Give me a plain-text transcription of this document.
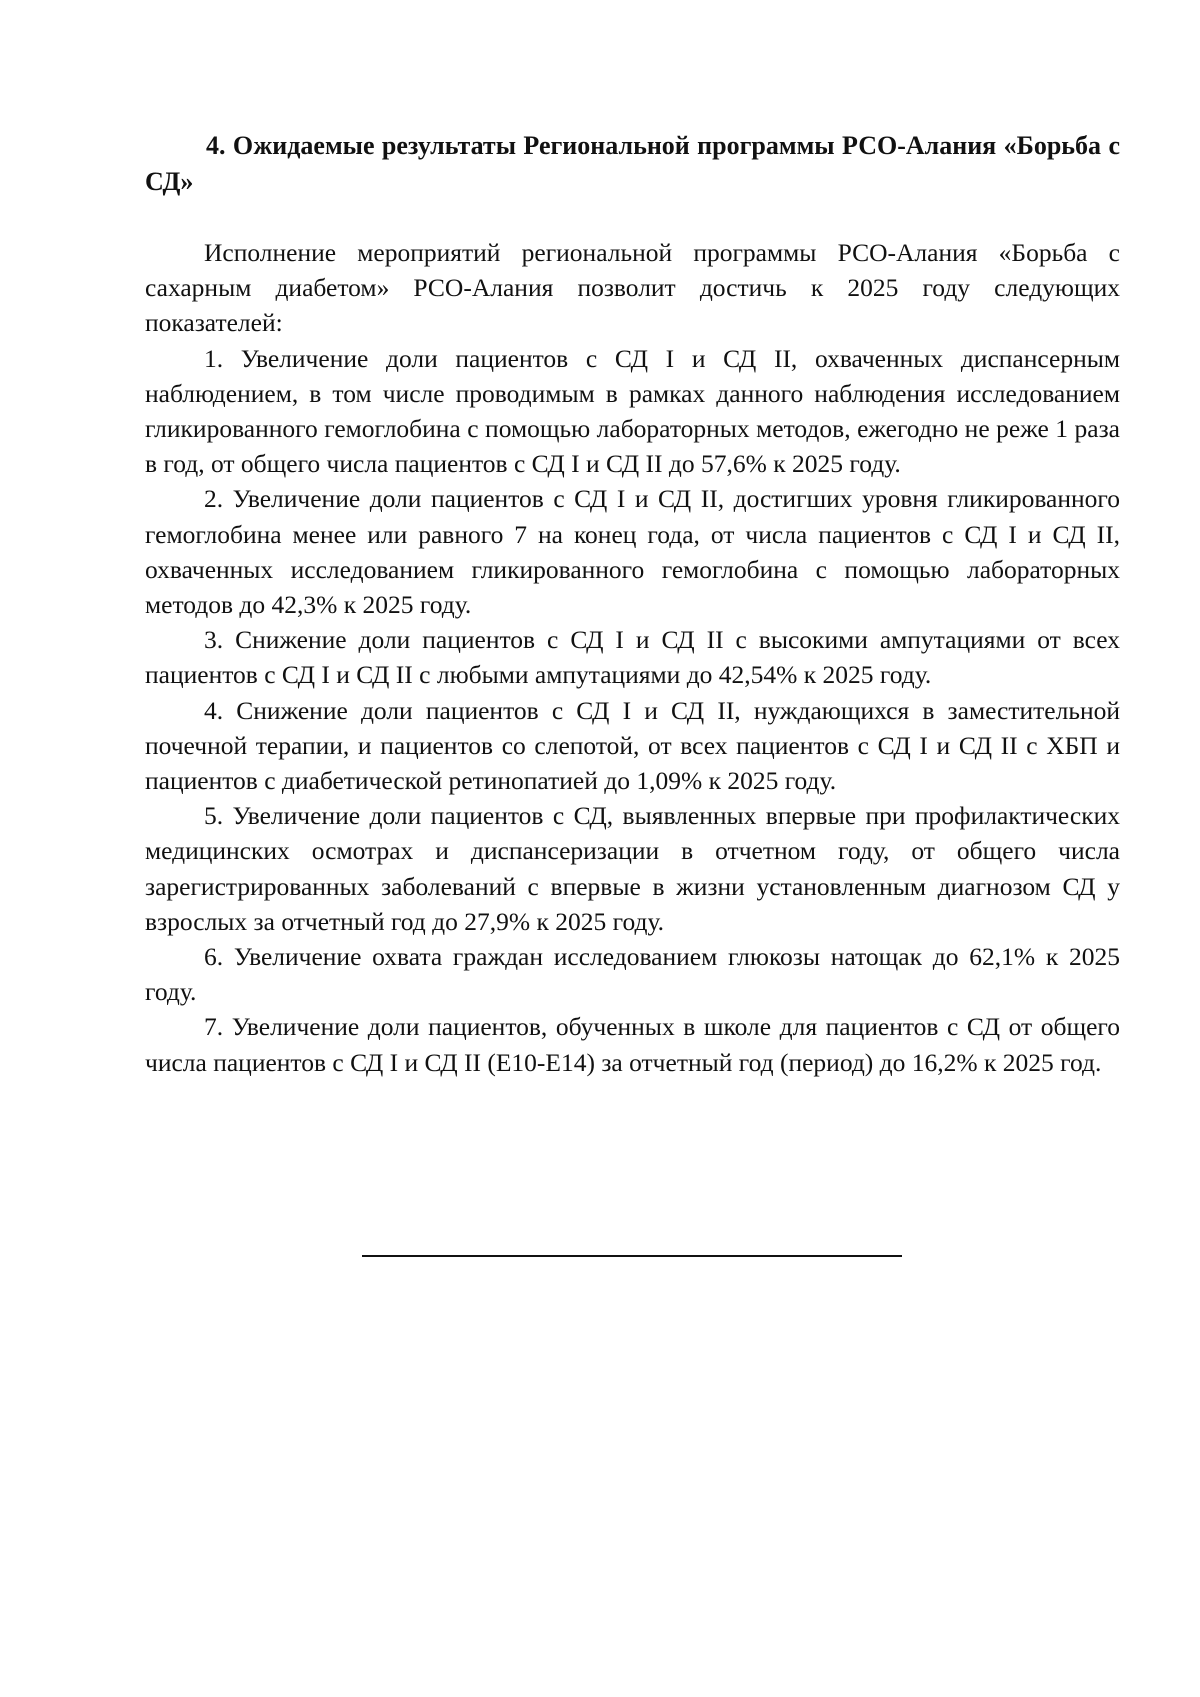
4. Ожидаемые результаты Региональной программы РСО-Алания «Борьба с СД»

Исполнение мероприятий региональной программы РСО-Алания «Борьба с сахарным диабетом» РСО-Алания позволит достичь к 2025 году следующих показателей:

1. Увеличение доли пациентов с СД I и СД II, охваченных диспансерным наблюдением, в том числе проводимым в рамках данного наблюдения исследованием гликированного гемоглобина с помощью лабораторных методов, ежегодно не реже 1 раза в год, от общего числа пациентов с СД I и СД II до 57,6% к 2025 году.

2. Увеличение доли пациентов с СД I и СД II, достигших уровня гликированного гемоглобина менее или равного 7 на конец года, от числа пациентов с СД I и СД II, охваченных исследованием гликированного гемоглобина с помощью лабораторных методов до 42,3% к 2025 году.

3. Снижение доли пациентов с СД I и СД II с высокими ампутациями от всех пациентов с СД I и СД II с любыми ампутациями до 42,54% к 2025 году.

4. Снижение доли пациентов с СД I и СД II, нуждающихся в заместительной почечной терапии, и пациентов со слепотой, от всех пациентов с СД I и СД II с ХБП и пациентов с диабетической ретинопатией до 1,09% к 2025 году.

5. Увеличение доли пациентов с СД, выявленных впервые при профилактических медицинских осмотрах и диспансеризации в отчетном году, от общего числа зарегистрированных заболеваний с впервые в жизни установленным диагнозом СД у взрослых за отчетный год до 27,9% к 2025 году.

6. Увеличение охвата граждан исследованием глюкозы натощак до 62,1% к 2025 году.

7. Увеличение доли пациентов, обученных в школе для пациентов с СД от общего числа пациентов с СД I и СД II (Е10-Е14) за отчетный год (период) до 16,2% к 2025 год.
